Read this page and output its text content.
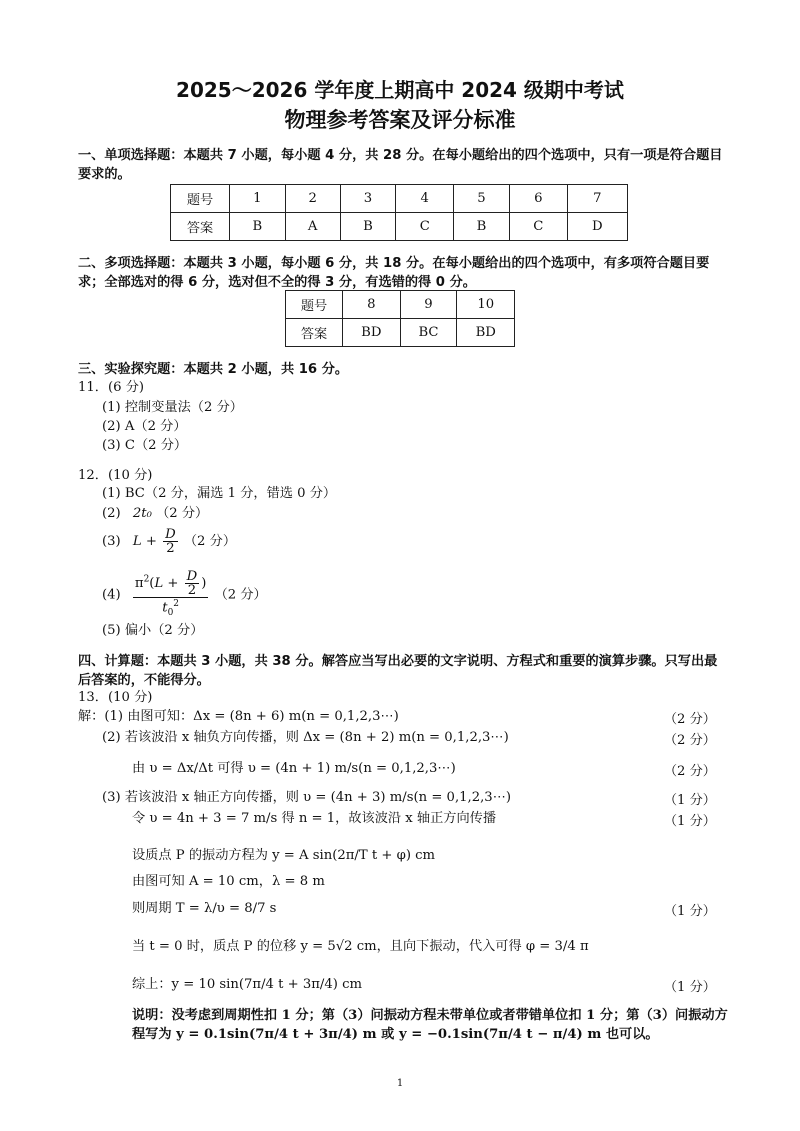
2025～2026 学年度上期高中 2024 级期中考试
物理参考答案及评分标准
一、单项选择题：本题共 7 小题，每小题 4 分，共 28 分。在每小题给出的四个选项中，只有一项是符合题目要求的。
题号	1	2	3	4	5	6	7
答案	B	A	B	C	B	C	D
二、多项选择题：本题共 3 小题，每小题 6 分，共 18 分。在每小题给出的四个选项中，有多项符合题目要求；全部选对的得 6 分，选对但不全的得 3 分，有选错的得 0 分。
题号	8	9	10
答案	BD	BC	BD
三、实验探究题：本题共 2 小题，共 16 分。
11．(6 分)
(1) 控制变量法（2 分）
(2) A（2 分）
(3) C（2 分）
12．(10 分)
(1) BC（2 分，漏选 1 分，错选 0 分）
(2) 2t₀ （2 分）
(3) $L + \frac{D}{2} (2$ 分）
$(4) \frac{\pi^2(L + \frac{D}{2} )}{t_0^2} (2$ 分）
(5) 偏小（2 分）
四、计算题：本题共 3 小题，共 38 分。解答应当写出必要的文字说明、方程式和重要的演算步骤。只写出最后答案的，不能得分。
13．(10 分)
解：(1) 由图可知：Δx = (8n + 6) m(n = 0,1,2,3⋯)	（2 分）
(2) 若该波沿 x 轴负方向传播，则 Δx = (8n + 2) m(n = 0,1,2,3⋯)	（2 分）
由 υ = Δx/Δt 可得 υ = (4n + 1) m/s(n = 0,1,2,3⋯)	（2 分）
(3) 若该波沿 x 轴正方向传播，则 υ = (4n + 3) m/s(n = 0,1,2,3⋯)	（1 分）
令 υ = 4n + 3 = 7 m/s 得 n = 1，故该波沿 x 轴正方向传播	（1 分）
设质点 P 的振动方程为 y = A sin(2π/T t + φ) cm
由图可知 A = 10 cm，λ = 8 m
则周期 T = λ/υ = 8/7 s	（1 分）
当 t = 0 时，质点 P 的位移 y = 5√2 cm，且向下振动，代入可得 φ = 3/4 π
综上：y = 10 sin(7π/4 t + 3π/4) cm	（1 分）
说明：没考虑到周期性扣 1 分；第（3）问振动方程未带单位或者带错单位扣 1 分；第（3）问振动方程写为 y = 0.1sin(7π/4 t + 3π/4) m 或 y = −0.1sin(7π/4 t − π/4) m 也可以。
1
